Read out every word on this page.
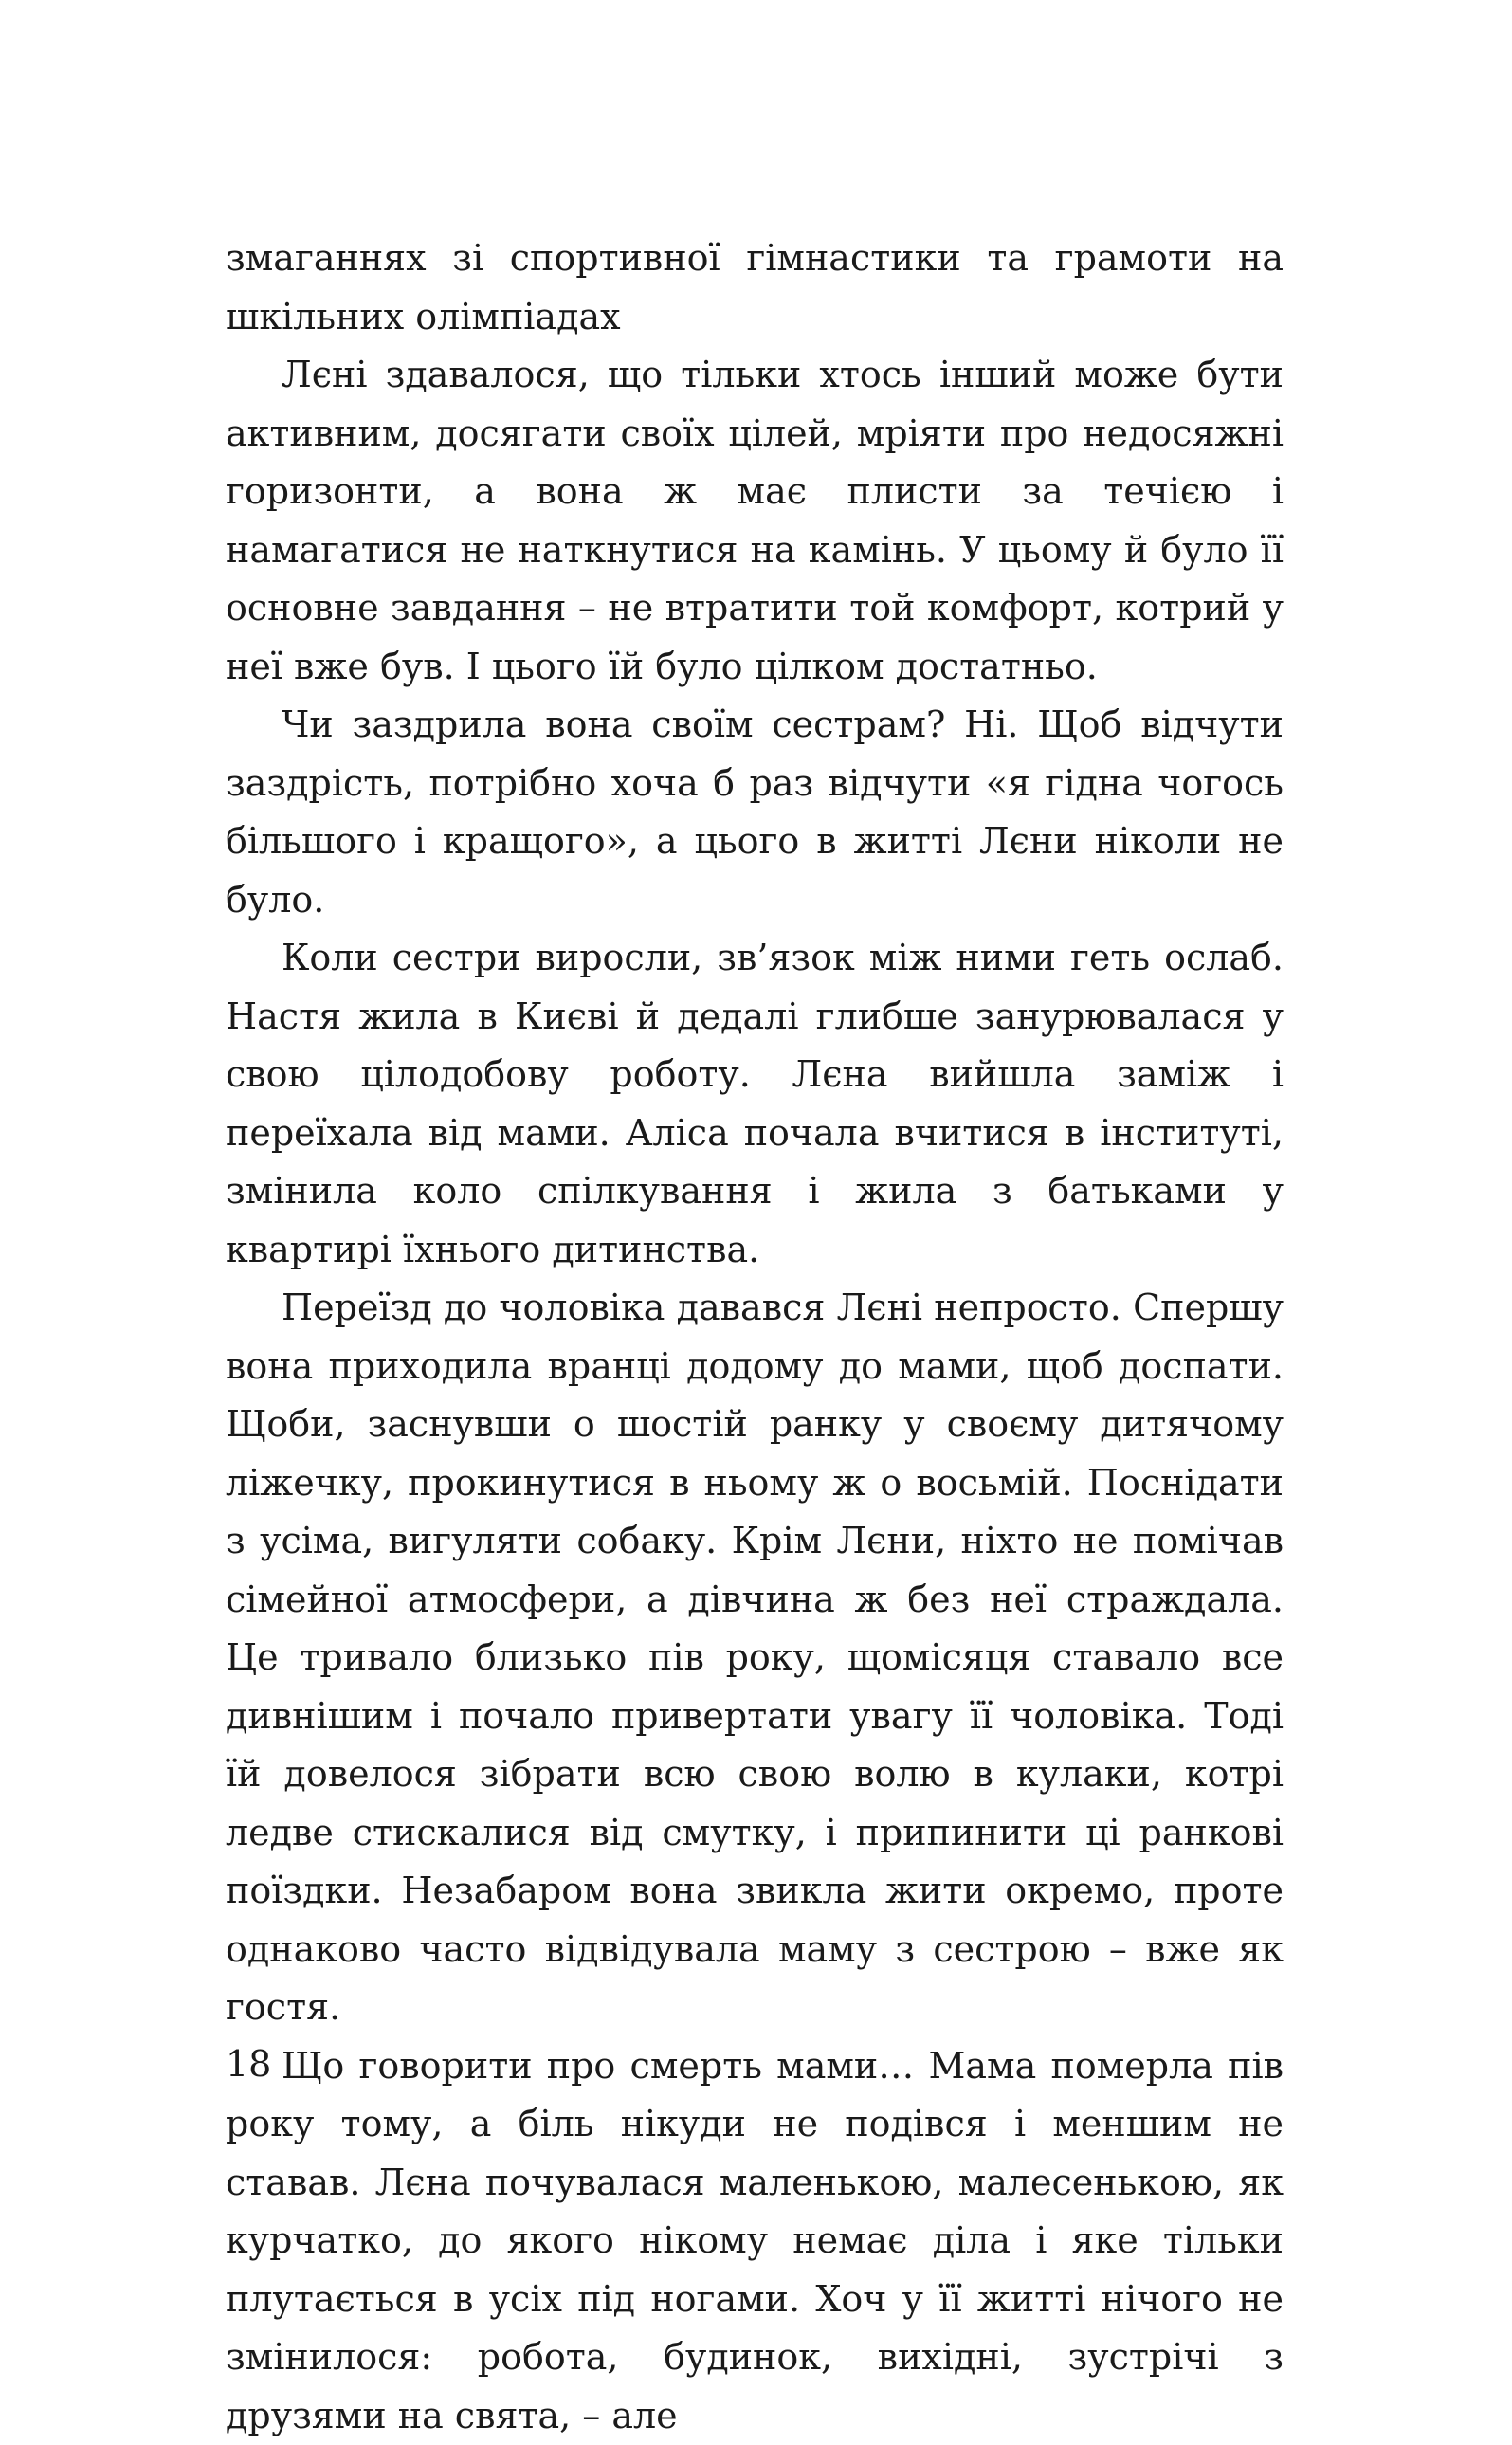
змаганнях зі спортивної гімнастики та грамоти на шкільних олімпіадах

Лєні здавалося, що тільки хтось інший може бути активним, досягати своїх цілей, мріяти про недосяжні горизонти, а вона ж має плисти за течією і намагатися не наткнутися на камінь. У цьому й було її основне завдання – не втратити той комфорт, котрий у неї вже був. І цього їй було цілком достатньо.

Чи заздрила вона своїм сестрам? Ні. Щоб відчути заздрість, потрібно хоча б раз відчути «я гідна чогось більшого і кращого», а цього в житті Лєни ніколи не було.

Коли сестри виросли, зв’язок між ними геть ослаб. Настя жила в Києві й дедалі глибше занурювалася у свою цілодобову роботу. Лєна вийшла заміж і переїхала від мами. Аліса почала вчитися в інституті, змінила коло спілкування і жила з батьками у квартирі їхнього дитинства.

Переїзд до чоловіка давався Лєні непросто. Спершу вона приходила вранці додому до мами, щоб доспати. Щоби, заснувши о шостій ранку у своєму дитячому ліжечку, прокинутися в ньому ж о восьмій. Поснідати з усіма, вигуляти собаку. Крім Лєни, ніхто не помічав сімейної атмосфери, а дівчина ж без неї страждала. Це тривало близько пів року, щомісяця ставало все дивнішим і почало привертати увагу її чоловіка. Тоді їй довелося зібрати всю свою волю в кулаки, котрі ледве стискалися від смутку, і припинити ці ранкові поїздки. Незабаром вона звикла жити окремо, проте однаково часто відвідувала маму з сестрою – вже як гостя.

Що говорити про смерть мами… Мама померла пів року тому, а біль нікуди не подівся і меншим не ставав. Лєна почувалася маленькою, малесенькою, як курчатко, до якого нікому немає діла і яке тільки плутається в усіх під ногами. Хоч у її житті нічого не змінилося: робота, будинок, вихідні, зустрічі з друзями на свята, – але

18
